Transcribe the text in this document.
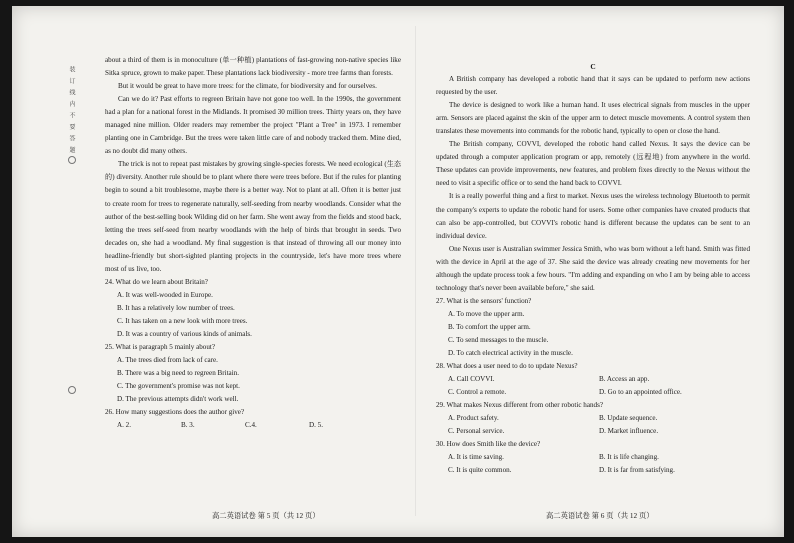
装 订 线 内 不 要 答 题

about a third of them is in monoculture (单一种植) plantations of fast-growing non-native species like Sitka spruce, grown to make paper. These plantations lack biodiversity - more tree farms than forests.

But it would be great to have more trees: for the climate, for biodiversity and for ourselves.

Can we do it? Past efforts to regreen Britain have not gone too well. In the 1990s, the government had a plan for a national forest in the Midlands. It promised 30 million trees. Thirty years on, they have managed nine million. Older readers may remember the project "Plant a Tree" in 1973. I remember planting one in Cambridge. But the trees were taken little care of and nobody tracked them. Mine died, as no doubt did many others.

The trick is not to repeat past mistakes by growing single-species forests. We need ecological (生态的) diversity. Another rule should be to plant where there were trees before. But if the rules for planting begin to sound a bit troublesome, maybe there is a better way. Not to plant at all. Often it is better just to create room for trees to regenerate naturally, self-seeding from nearby woodlands. Consider what the author of the best-selling book Wilding did on her farm. She went away from the fields and stood back, letting the trees self-seed from nearby woodlands with the help of birds that brought in seeds. Two decades on, she had a woodland. My final suggestion is that instead of throwing all our money into headline-friendly but short-sighted planting projects in the countryside, let's have more trees where most of us live, too.

24. What do we learn about Britain?

A. It was well-wooded in Europe.

B. It has a relatively low number of trees.

C. It has taken on a new look with more trees.

D. It was a country of various kinds of animals.

25. What is paragraph 5 mainly about?

A. The trees died from lack of care.

B. There was a big need to regreen Britain.

C. The government's promise was not kept.

D. The previous attempts didn't work well.

26. How many suggestions does the author give?

A. 2.	B. 3.	C.4.	D. 5.
高二英语试卷 第 5 页（共 12 页）

C

A British company has developed a robotic hand that it says can be updated to perform new actions requested by the user.

The device is designed to work like a human hand. It uses electrical signals from muscles in the upper arm. Sensors are placed against the skin of the upper arm to detect muscle movements. A control system then translates these movements into commands for the robotic hand, typically to open or close the hand.

The British company, COVVI, developed the robotic hand called Nexus. It says the device can be updated through a computer application program or app, remotely (远程地) from anywhere in the world. These updates can provide improvements, new features, and problem fixes directly to the Nexus without the need to visit a specific office or to send the hand back to COVVI.

It is a really powerful thing and a first to market. Nexus uses the wireless technology Bluetooth to permit the company's experts to update the robotic hand for users. Some other companies have created products that can also be app-controlled, but COVVI's robotic hand is different because the updates can be sent to an individual device.

One Nexus user is Australian swimmer Jessica Smith, who was born without a left hand. Smith was fitted with the device in April at the age of 37. She said the device was already creating new movements for her although the update process took a few hours. "I'm adding and expanding on who I am by being able to access technology that's never been available before," she said.

27. What is the sensors' function?

A. To move the upper arm.

B. To comfort the upper arm.

C. To send messages to the muscle.

D. To catch electrical activity in the muscle.

28. What does a user need to do to update Nexus?

A. Call COVVI.	B. Access an app.
C. Control a remote.	D. Go to an appointed office.

29. What makes Nexus different from other robotic hands?

A. Product safety.	B. Update sequence.
C. Personal service.	D. Market influence.

30. How does Smith like the device?

A. It is time saving.	B. It is life changing.
C. It is quite common.	D. It is far from satisfying.
高二英语试卷 第 6 页（共 12 页）
